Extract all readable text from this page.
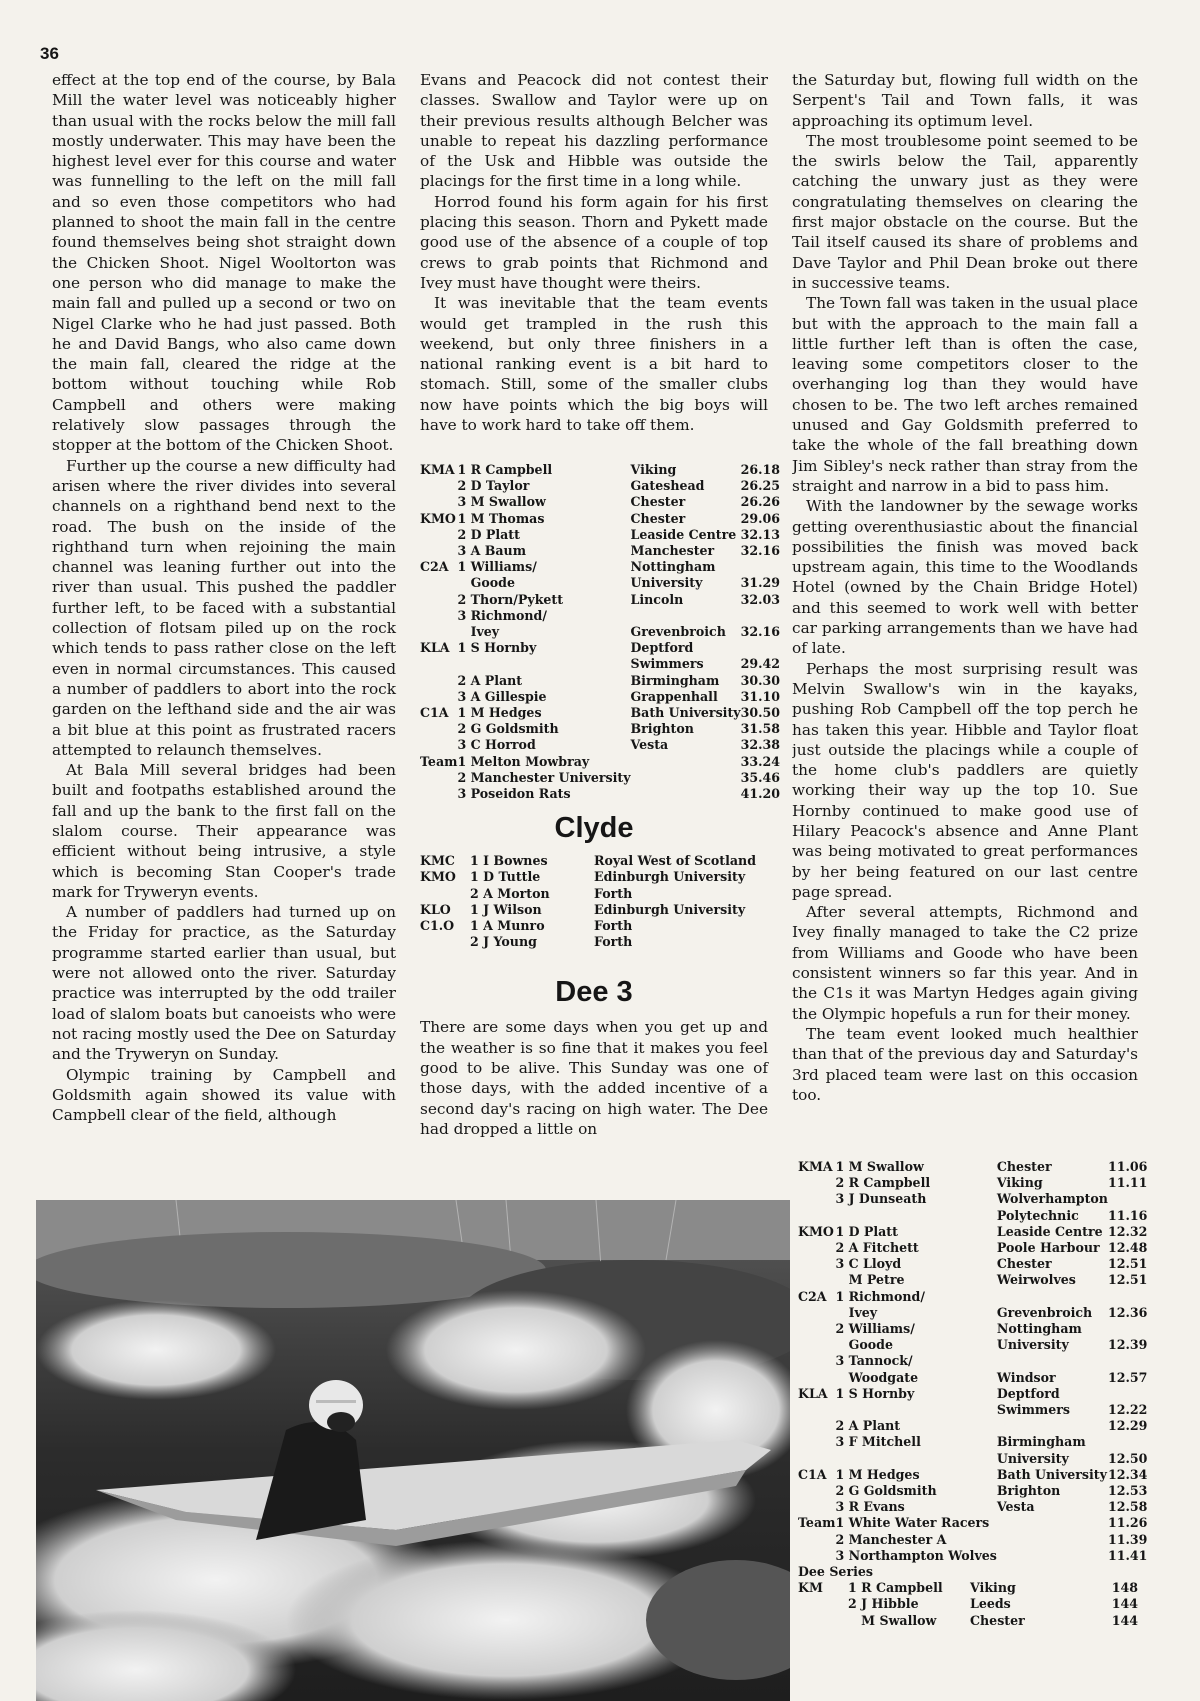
36

effect at the top end of the course, by Bala Mill the water level was noticeably higher than usual with the rocks below the mill fall mostly underwater. This may have been the highest level ever for this course and water was funnelling to the left on the mill fall and so even those competitors who had planned to shoot the main fall in the centre found themselves being shot straight down the Chicken Shoot. Nigel Wooltorton was one person who did manage to make the main fall and pulled up a second or two on Nigel Clarke who he had just passed. Both he and David Bangs, who also came down the main fall, cleared the ridge at the bottom without touching while Rob Campbell and others were making relatively slow passages through the stopper at the bottom of the Chicken Shoot.

Further up the course a new difficulty had arisen where the river divides into several channels on a righthand bend next to the road. The bush on the inside of the righthand turn when rejoining the main channel was leaning further out into the river than usual. This pushed the paddler further left, to be faced with a substantial collection of flotsam piled up on the rock which tends to pass rather close on the left even in normal circumstances. This caused a number of paddlers to abort into the rock garden on the lefthand side and the air was a bit blue at this point as frustrated racers attempted to relaunch themselves.

At Bala Mill several bridges had been built and footpaths established around the fall and up the bank to the first fall on the slalom course. Their appearance was efficient without being intrusive, a style which is becoming Stan Cooper's trade mark for Tryweryn events.

A number of paddlers had turned up on the Friday for practice, as the Saturday programme started earlier than usual, but were not allowed onto the river. Saturday practice was interrupted by the odd trailer load of slalom boats but canoeists who were not racing mostly used the Dee on Saturday and the Tryweryn on Sunday.

Olympic training by Campbell and Goldsmith again showed its value with Campbell clear of the field, although

Evans and Peacock did not contest their classes. Swallow and Taylor were up on their previous results although Belcher was unable to repeat his dazzling performance of the Usk and Hibble was outside the placings for the first time in a long while.

Horrod found his form again for his first placing this season. Thorn and Pykett made good use of the absence of a couple of top crews to grab points that Richmond and Ivey must have thought were theirs.

It was inevitable that the team events would get trampled in the rush this weekend, but only three finishers in a national ranking event is a bit hard to stomach. Still, some of the smaller clubs now have points which the big boys will have to work hard to take off them.

KMA	1 R Campbell	Viking	26.18
	2 D Taylor	Gateshead	26.25
	3 M Swallow	Chester	26.26
KMO	1 M Thomas	Chester	29.06
	2 D Platt	Leaside Centre	32.13
	3 A Baum	Manchester	32.16
C2A	1 Williams/	Nottingham	
	Goode	University	31.29
	2 Thorn/Pykett	Lincoln	32.03
	3 Richmond/		
	Ivey	Grevenbroich	32.16
KLA	1 S Hornby	Deptford	
		Swimmers	29.42
	2 A Plant	Birmingham	30.30
	3 A Gillespie	Grappenhall	31.10
C1A	1 M Hedges	Bath University	30.50
	2 G Goldsmith	Brighton	31.58
	3 C Horrod	Vesta	32.38
Team	1 Melton Mowbray		33.24
	2 Manchester University		35.46
	3 Poseidon Rats		41.20
Clyde
KMC	1 I Bownes	Royal West of Scotland
KMO	1 D Tuttle	Edinburgh University
	2 A Morton	Forth
KLO	1 J Wilson	Edinburgh University
C1.O	1 A Munro	Forth
	2 J Young	Forth
Dee 3

There are some days when you get up and the weather is so fine that it makes you feel good to be alive. This Sunday was one of those days, with the added incentive of a second day's racing on high water. The Dee had dropped a little on

the Saturday but, flowing full width on the Serpent's Tail and Town falls, it was approaching its optimum level.

The most troublesome point seemed to be the swirls below the Tail, apparently catching the unwary just as they were congratulating themselves on clearing the first major obstacle on the course. But the Tail itself caused its share of problems and Dave Taylor and Phil Dean broke out there in successive teams.

The Town fall was taken in the usual place but with the approach to the main fall a little further left than is often the case, leaving some competitors closer to the overhanging log than they would have chosen to be. The two left arches remained unused and Gay Goldsmith preferred to take the whole of the fall breathing down Jim Sibley's neck rather than stray from the straight and narrow in a bid to pass him.

With the landowner by the sewage works getting overenthusiastic about the financial possibilities the finish was moved back upstream again, this time to the Woodlands Hotel (owned by the Chain Bridge Hotel) and this seemed to work well with better car parking arrangements than we have had of late.

Perhaps the most surprising result was Melvin Swallow's win in the kayaks, pushing Rob Campbell off the top perch he has taken this year. Hibble and Taylor float just outside the placings while a couple of the home club's paddlers are quietly working their way up the top 10. Sue Hornby continued to make good use of Hilary Peacock's absence and Anne Plant was being motivated to great performances by her being featured on our last centre page spread.

After several attempts, Richmond and Ivey finally managed to take the C2 prize from Williams and Goode who have been consistent winners so far this year. And in the C1s it was Martyn Hedges again giving the Olympic hopefuls a run for their money.

The team event looked much healthier than that of the previous day and Saturday's 3rd placed team were last on this occasion too.

KMA	1 M Swallow	Chester	11.06
	2 R Campbell	Viking	11.11
	3 J Dunseath	Wolverhampton	
		Polytechnic	11.16
KMO	1 D Platt	Leaside Centre	12.32
	2 A Fitchett	Poole Harbour	12.48
	3 C Lloyd	Chester	12.51
	M Petre	Weirwolves	12.51
C2A	1 Richmond/		
	Ivey	Grevenbroich	12.36
	2 Williams/	Nottingham	
	Goode	University	12.39
	3 Tannock/		
	Woodgate	Windsor	12.57
KLA	1 S Hornby	Deptford	
		Swimmers	12.22
	2 A Plant		12.29
	3 F Mitchell	Birmingham	
		University	12.50
C1A	1 M Hedges	Bath University	12.34
	2 G Goldsmith	Brighton	12.53
	3 R Evans	Vesta	12.58
Team	1 White Water Racers		11.26
	2 Manchester A		11.39
	3 Northampton Wolves		11.41
Dee Series
KM	1 R Campbell	Viking	148
	2 J Hibble	Leeds	144
	M Swallow	Chester	144
